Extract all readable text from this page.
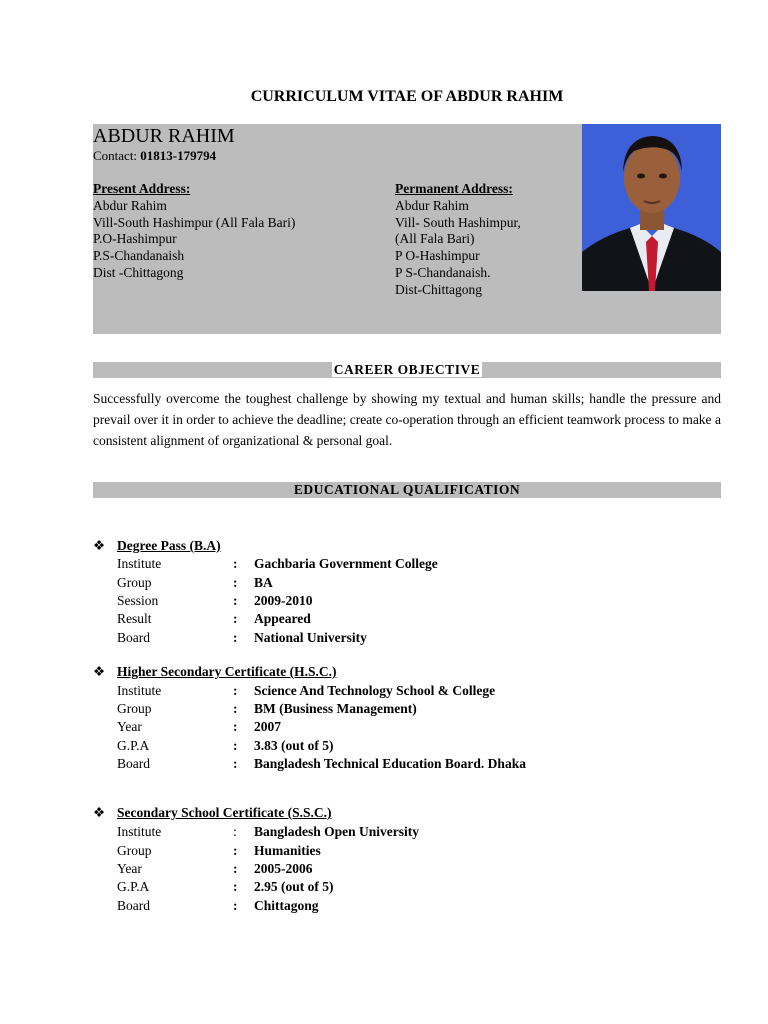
CURRICULUM VITAE OF ABDUR RAHIM
ABDUR RAHIM
Contact: 01813-179794
Present Address:
Abdur Rahim
Vill-South Hashimpur (All Fala Bari)
P.O-Hashimpur
P.S-Chandanaish
Dist -Chittagong
Permanent Address:
Abdur Rahim
Vill- South Hashimpur,
(All Fala Bari)
P O-Hashimpur
P S-Chandanaish.
Dist-Chittagong
CAREER OBJECTIVE
Successfully overcome the toughest challenge by showing my textual and human skills; handle the pressure and prevail over it in order to achieve the deadline; create co-operation through an efficient teamwork process to make a consistent alignment of organizational & personal goal.
EDUCATIONAL QUALIFICATION
❖ Degree Pass (B.A)
Institute	: Gachbaria Government College
Group	: BA
Session	: 2009-2010
Result	: Appeared
Board	: National University
❖ Higher Secondary Certificate (H.S.C.)
Institute	: Science And Technology School & College
Group	: BM (Business Management)
Year	: 2007
G.P.A	: 3.83 (out of 5)
Board	: Bangladesh Technical Education Board. Dhaka
❖ Secondary School Certificate (S.S.C.)
Institute	: Bangladesh Open University
Group	: Humanities
Year	: 2005-2006
G.P.A	: 2.95 (out of 5)
Board	: Chittagong
